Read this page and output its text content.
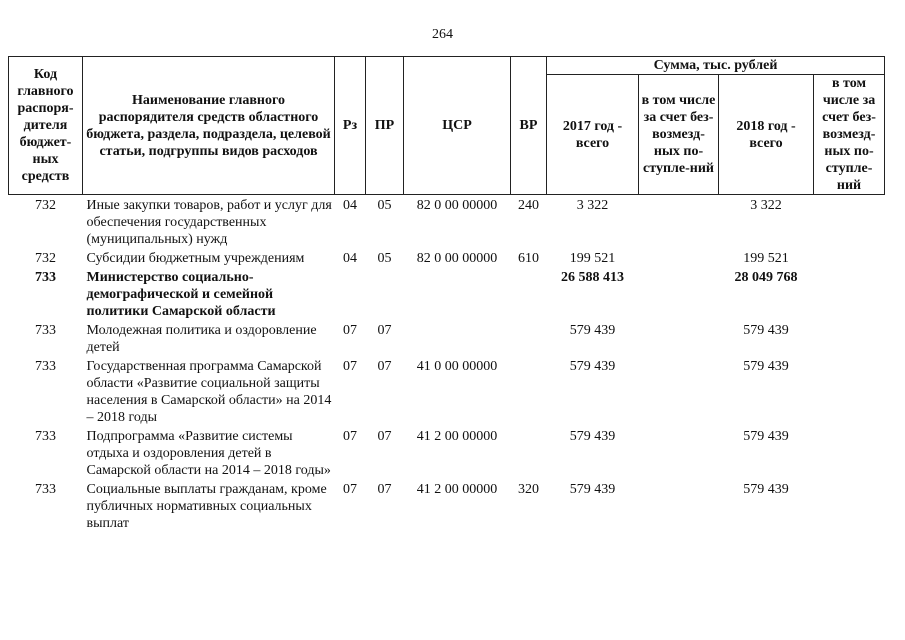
264
Код главного распоря-дителя бюджет-ных средств	Наименование главного распорядителя средств областного бюджета, раздела, подраздела, целевой статьи, подгруппы видов расходов	Рз	ПР	ЦСР	ВР	Сумма, тыс. рублей			
						2017 год - всего	в том числе за счет без-возмезд-ных по-ступле-ний	2018 год - всего	в том числе за счет без-возмезд-ных по-ступле-ний
732	Иные закупки товаров, работ и услуг для обеспечения государственных (муниципальных) нужд	04	05	82 0 00 00000	240	3 322		3 322	
732	Субсидии бюджетным учреждениям	04	05	82 0 00 00000	610	199 521		199 521	
733	Министерство социально-демографической и семейной политики Самарской области					26 588 413		28 049 768	
733	Молодежная политика и оздоровление детей	07	07			579 439		579 439	
733	Государственная программа Самарской области «Развитие социальной защиты населения в Самарской области» на 2014 – 2018 годы	07	07	41 0 00 00000		579 439		579 439	
733	Подпрограмма «Развитие системы отдыха и оздоровления детей в Самарской области на 2014 – 2018 годы»	07	07	41 2 00 00000		579 439		579 439	
733	Социальные выплаты гражданам, кроме публичных нормативных социальных выплат	07	07	41 2 00 00000	320	579 439		579 439	
